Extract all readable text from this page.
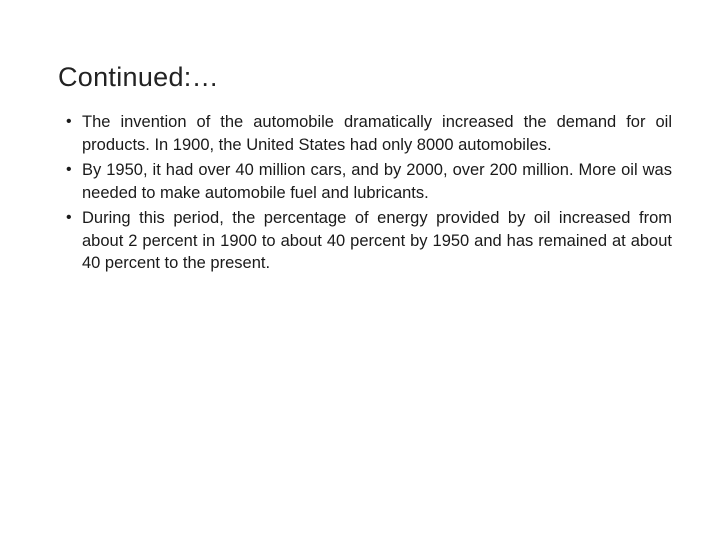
Continued:…
• The invention of the automobile dramatically increased the demand for oil products. In 1900, the United States had only 8000 automobiles.
• By 1950, it had over 40 million cars, and by 2000, over 200 million. More oil was needed to make automobile fuel and lubricants.
• During this period, the percentage of energy provided by oil increased from about 2 percent in 1900 to about 40 percent by 1950 and has remained at about 40 percent to the present.
